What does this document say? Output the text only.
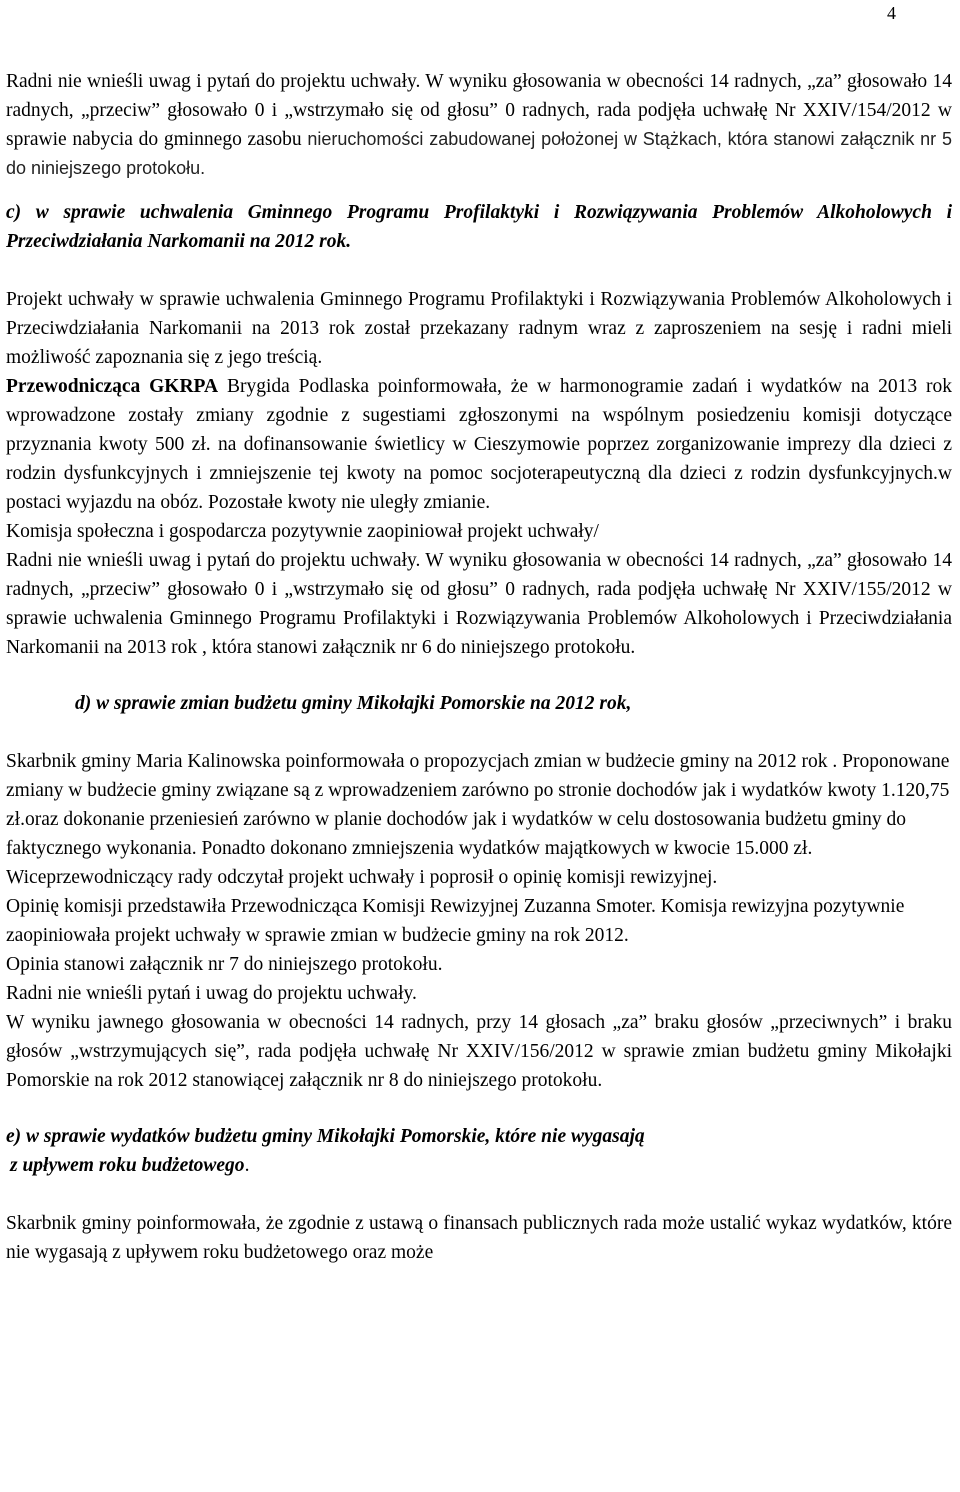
4

Radni nie wnieśli uwag i pytań do projektu uchwały. W wyniku głosowania w obecności 14 radnych, „za” głosowało 14 radnych, „przeciw” głosowało 0 i „wstrzymało się od głosu” 0 radnych, rada podjęła uchwałę Nr XXIV/154/2012 w sprawie nabycia do gminnego zasobu nieruchomości zabudowanej położonej w Stążkach, która stanowi załącznik nr 5 do niniejszego protokołu.

c) w sprawie uchwalenia Gminnego Programu Profilaktyki i Rozwiązywania Problemów Alkoholowych i Przeciwdziałania Narkomanii na 2012 rok.

Projekt uchwały w sprawie uchwalenia Gminnego Programu Profilaktyki i Rozwiązywania Problemów Alkoholowych i Przeciwdziałania Narkomanii na 2013 rok został przekazany radnym wraz z zaproszeniem na sesję i radni mieli możliwość zapoznania się z jego treścią.

Przewodnicząca GKRPA Brygida Podlaska poinformowała, że w harmonogramie zadań i wydatków na 2013 rok wprowadzone zostały zmiany zgodnie z sugestiami zgłoszonymi na wspólnym posiedzeniu komisji dotyczące przyznania kwoty 500 zł. na dofinansowanie świetlicy w Cieszymowie poprzez zorganizowanie imprezy dla dzieci z rodzin dysfunkcyjnych i zmniejszenie tej kwoty na pomoc socjoterapeutyczną dla dzieci z rodzin dysfunkcyjnych.w postaci wyjazdu na obóz. Pozostałe kwoty nie uległy zmianie.

Komisja społeczna i gospodarcza pozytywnie zaopiniował projekt uchwały/

Radni nie wnieśli uwag i pytań do projektu uchwały. W wyniku głosowania w obecności 14 radnych, „za” głosowało 14 radnych, „przeciw” głosowało 0 i „wstrzymało się od głosu” 0 radnych, rada podjęła uchwałę Nr XXIV/155/2012 w sprawie uchwalenia Gminnego Programu Profilaktyki i Rozwiązywania Problemów Alkoholowych i Przeciwdziałania Narkomanii na 2013 rok , która stanowi załącznik nr 6 do niniejszego protokołu.

d) w sprawie zmian budżetu gminy Mikołajki Pomorskie na 2012 rok,

Skarbnik gminy Maria Kalinowska poinformowała o propozycjach zmian w budżecie gminy na 2012 rok . Proponowane zmiany w budżecie gminy związane są z wprowadzeniem zarówno po stronie dochodów jak i wydatków kwoty 1.120,75 zł.oraz dokonanie przeniesień zarówno w planie dochodów jak i wydatków w celu dostosowania budżetu gminy do faktycznego wykonania. Ponadto dokonano zmniejszenia wydatków majątkowych w kwocie 15.000 zł.

Wiceprzewodniczący rady odczytał projekt uchwały i poprosił o opinię komisji rewizyjnej.

Opinię komisji przedstawiła Przewodnicząca Komisji Rewizyjnej Zuzanna Smoter. Komisja rewizyjna pozytywnie zaopiniowała projekt uchwały w sprawie zmian w budżecie gminy na rok 2012.

Opinia stanowi załącznik nr 7 do niniejszego protokołu.

Radni nie wnieśli pytań i uwag do projektu uchwały.

W wyniku jawnego głosowania w obecności 14 radnych, przy 14 głosach „za” braku głosów „przeciwnych” i braku głosów „wstrzymujących się”, rada podjęła uchwałę Nr XXIV/156/2012 w sprawie zmian budżetu gminy Mikołajki Pomorskie na rok 2012 stanowiącej załącznik nr 8 do niniejszego protokołu.

e) w sprawie wydatków budżetu gminy Mikołajki Pomorskie, które nie wygasają
z upływem roku budżetowego.

Skarbnik gminy poinformowała, że zgodnie z ustawą o finansach publicznych rada może ustalić wykaz wydatków, które nie wygasają z upływem roku budżetowego oraz może
